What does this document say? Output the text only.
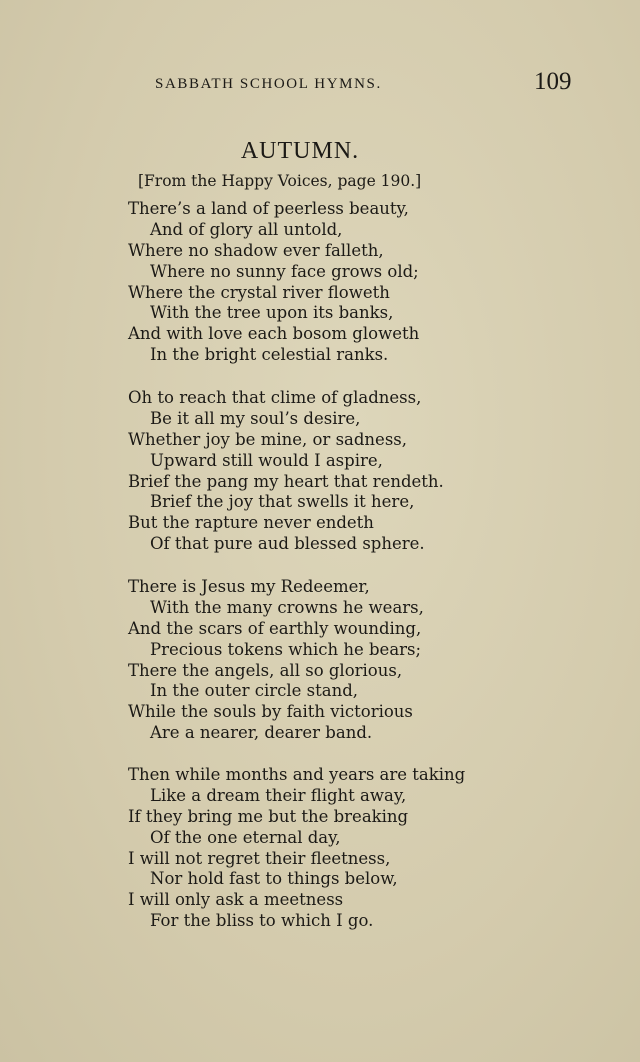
SABBATH SCHOOL HYMNS.	109
AUTUMN.
[From the Happy Voices, page 190.]
There’s a land of peerless beauty,
And of glory all untold,
Where no shadow ever falleth,
Where no sunny face grows old;
Where the crystal river floweth
With the tree upon its banks,
And with love each bosom gloweth
In the bright celestial ranks.
Oh to reach that clime of gladness,
Be it all my soul’s desire,
Whether joy be mine, or sadness,
Upward still would I aspire,
Brief the pang my heart that rendeth.
Brief the joy that swells it here,
But the rapture never endeth
Of that pure aud blessed sphere.
There is Jesus my Redeemer,
With the many crowns he wears,
And the scars of earthly wounding,
Precious tokens which he bears;
There the angels, all so glorious,
In the outer circle stand,
While the souls by faith victorious
Are a nearer, dearer band.
Then while months and years are taking
Like a dream their flight away,
If they bring me but the breaking
Of the one eternal day,
I will not regret their fleetness,
Nor hold fast to things below,
I will only ask a meetness
For the bliss to which I go.
